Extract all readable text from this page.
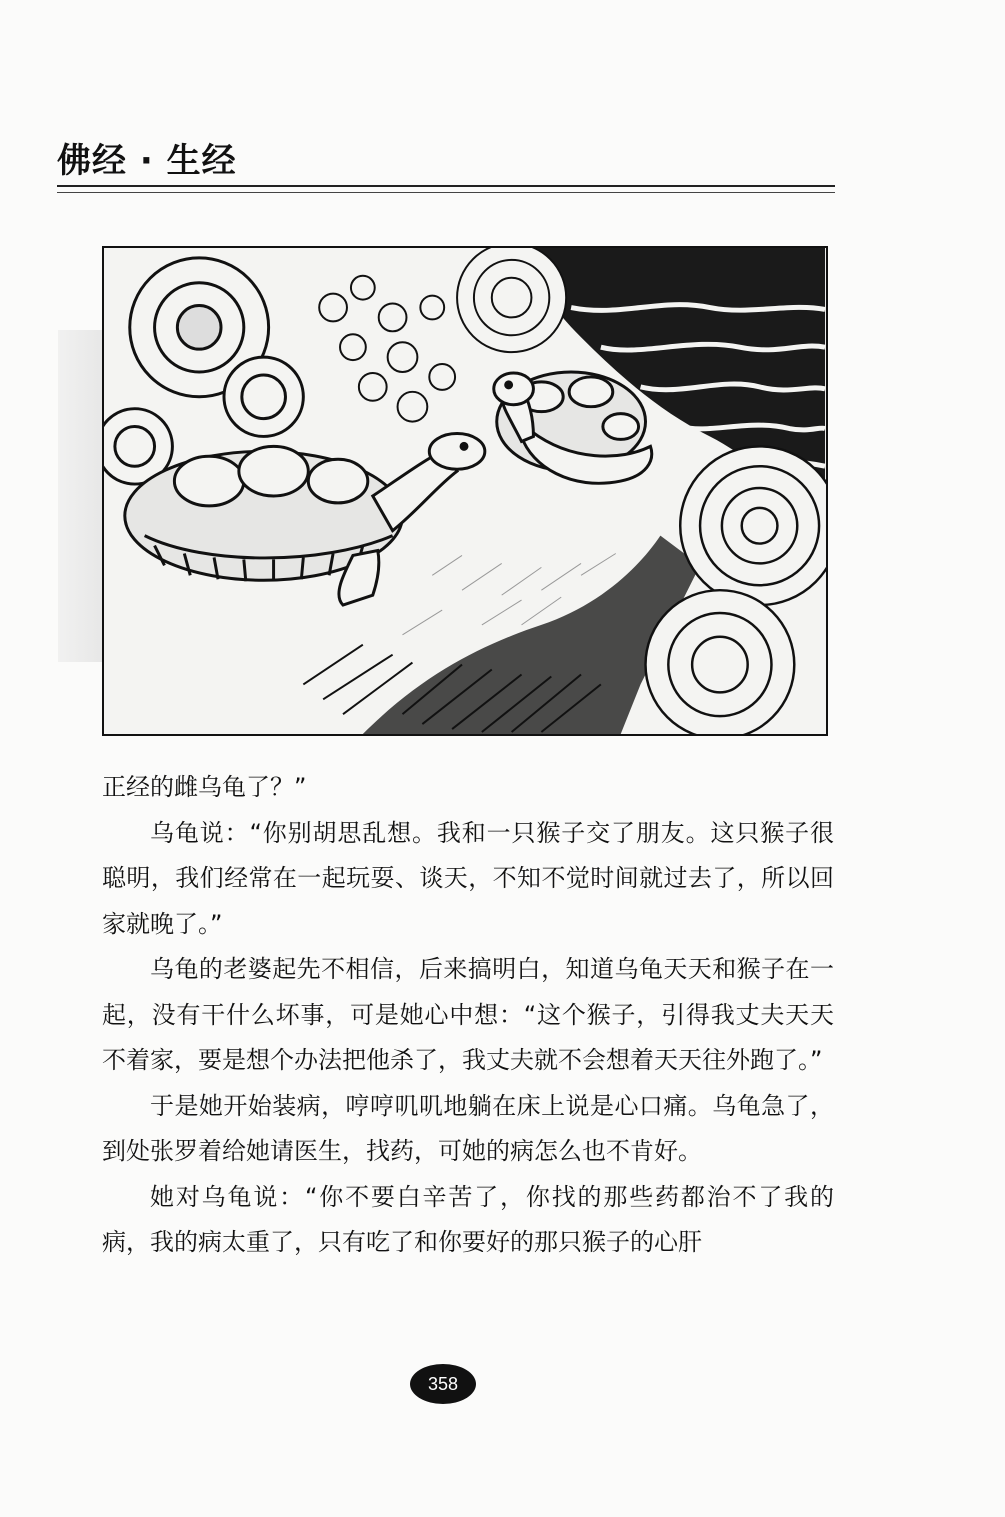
佛经 · 生经

正经的雌乌龟了？”

乌龟说：“你别胡思乱想。我和一只猴子交了朋友。这只猴子很聪明，我们经常在一起玩耍、谈天，不知不觉时间就过去了，所以回家就晚了。”

乌龟的老婆起先不相信，后来搞明白，知道乌龟天天和猴子在一起，没有干什么坏事，可是她心中想：“这个猴子，引得我丈夫天天不着家，要是想个办法把他杀了，我丈夫就不会想着天天往外跑了。”

于是她开始装病，哼哼叽叽地躺在床上说是心口痛。乌龟急了，到处张罗着给她请医生，找药，可她的病怎么也不肯好。

她对乌龟说：“你不要白辛苦了，你找的那些药都治不了我的病，我的病太重了，只有吃了和你要好的那只猴子的心肝

358
